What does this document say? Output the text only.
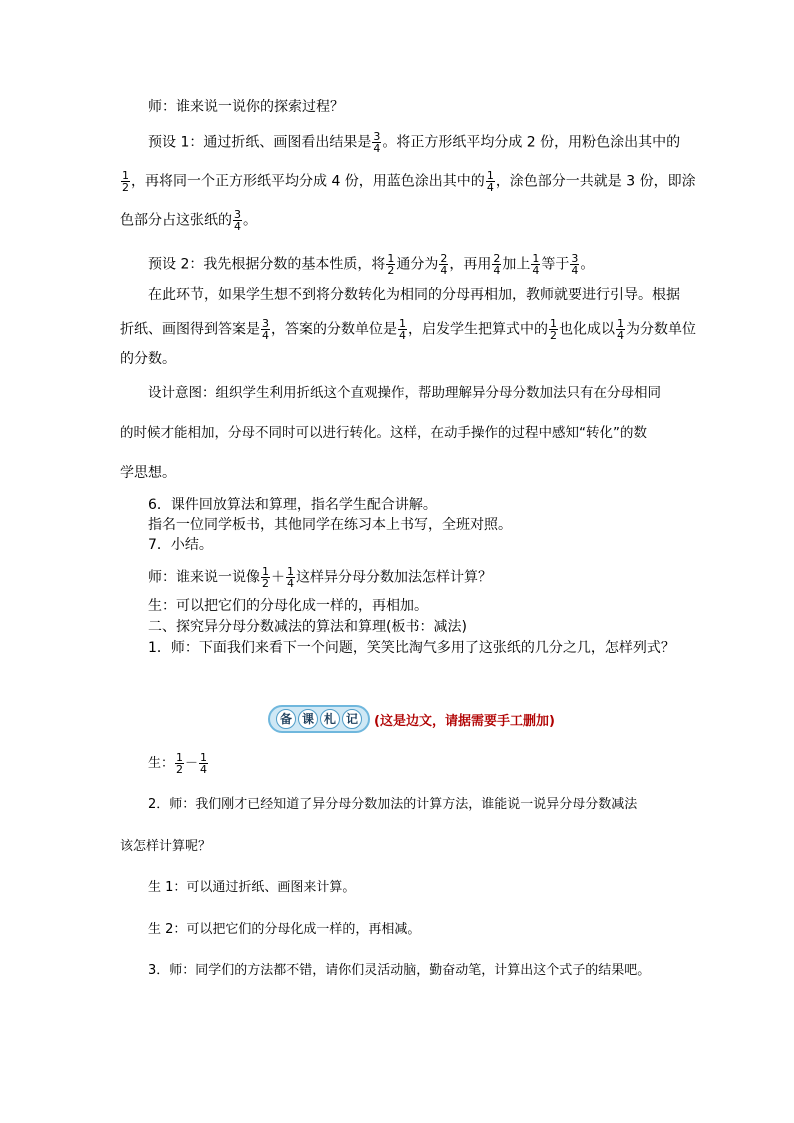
师：谁来说一说你的探索过程？
预设 1：通过折纸、画图看出结果是 $\frac{3}{4}$ 。将正方形纸平均分成 2 份，用粉色涂出其中的
$\frac{1}{2}$ ，再将同一个正方形纸平均分成 4 份，用蓝色涂出其中的 $\frac{1}{4}$ ，涂色部分一共就是 3 份，即涂
色部分占这张纸的 $\frac{3}{4}$ 。
预设 2：我先根据分数的基本性质，将 $\frac{1}{2}$ 通分为 $\frac{2}{4}$ ，再用 $\frac{2}{4}$ 加上 $\frac{1}{4}$ 等于 $\frac{3}{4}$ 。
在此环节，如果学生想不到将分数转化为相同的分母再相加，教师就要进行引导。根据
折纸、画图得到答案是 $\frac{3}{4}$ ，答案的分数单位是 $\frac{1}{4}$ ，启发学生把算式中的 $\frac{1}{2}$ 也化成以 $\frac{1}{4}$ 为分数单位
的分数。
设计意图：组织学生利用折纸这个直观操作，帮助理解异分母分数加法只有在分母相同
的时候才能相加，分母不同时可以进行转化。这样，在动手操作的过程中感知“转化”的数
学思想。
6．课件回放算法和算理，指名学生配合讲解。
指名一位同学板书，其他同学在练习本上书写，全班对照。
7．小结。
师：谁来说一说像 $\frac{1}{2} + \frac{1}{4}$ 这样异分母分数加法怎样计算？
生：可以把它们的分母化成一样的，再相加。
二、探究异分母分数减法的算法和算理(板书：减法)
1．师：下面我们来看下一个问题，笑笑比淘气多用了这张纸的几分之几，怎样列式？
备 课 札 记	(这是边文，请据需要手工删加)
生： $\frac{1}{2} - \frac{1}{4}$
2．师：我们刚才已经知道了异分母分数加法的计算方法，谁能说一说异分母分数减法
该怎样计算呢？
生 1：可以通过折纸、画图来计算。
生 2：可以把它们的分母化成一样的，再相减。
3．师：同学们的方法都不错，请你们灵活动脑，勤奋动笔，计算出这个式子的结果吧。
